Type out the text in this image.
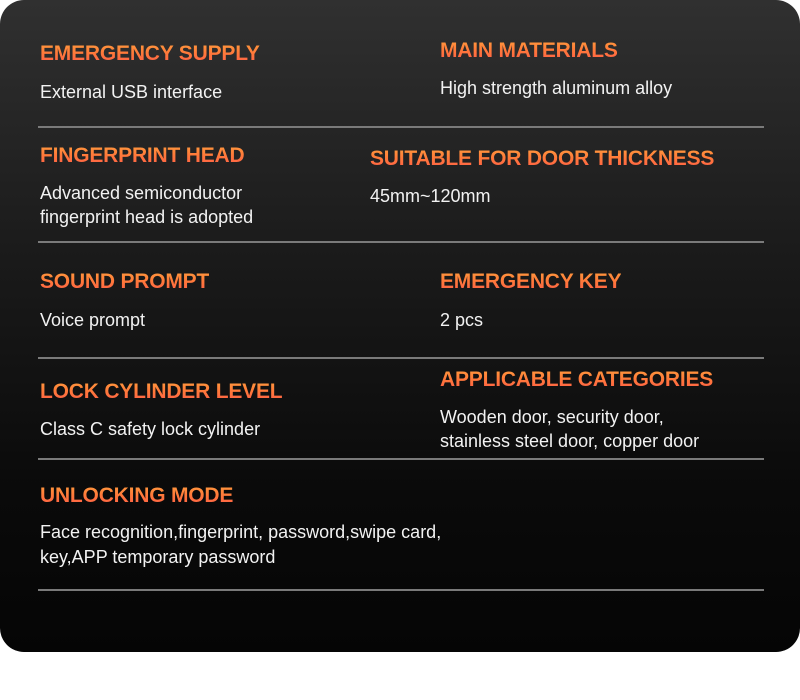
EMERGENCY SUPPLY
External USB interface
MAIN MATERIALS
High strength aluminum alloy
FINGERPRINT HEAD
Advanced semiconductor
fingerprint head is adopted
SUITABLE FOR DOOR THICKNESS
45mm~120mm
SOUND PROMPT
Voice prompt
EMERGENCY KEY
2 pcs
LOCK CYLINDER LEVEL
Class C safety lock cylinder
APPLICABLE CATEGORIES
Wooden door, security door,
stainless steel door, copper door
UNLOCKING MODE
Face recognition,fingerprint, password,swipe card,
key,APP temporary password
